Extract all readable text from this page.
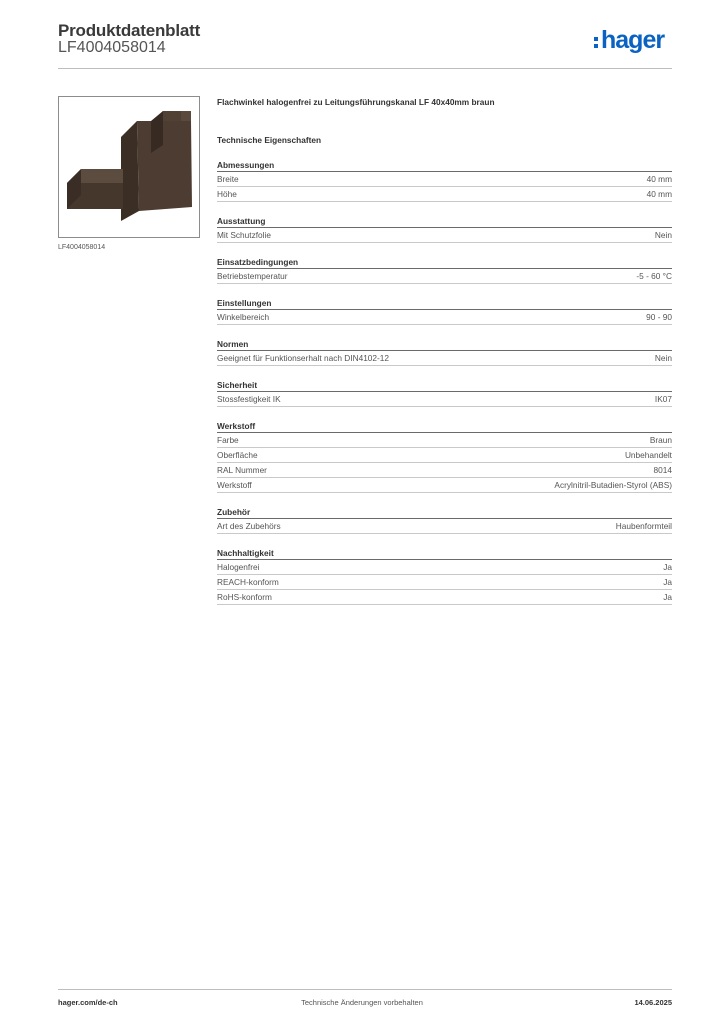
Produktdatenblatt
LF4004058014	hager
LF4004058014
Flachwinkel halogenfrei zu Leitungsführungskanal LF 40x40mm braun
Technische Eigenschaften
Abmessungen
Breite	40 mm
Höhe	40 mm
Ausstattung
Mit Schutzfolie	Nein
Einsatzbedingungen
Betriebstemperatur	-5 - 60 °C
Einstellungen
Winkelbereich	90 - 90
Normen
Geeignet für Funktionserhalt nach DIN4102-12	Nein
Sicherheit
Stossfestigkeit IK	IK07
Werkstoff
Farbe	Braun
Oberfläche	Unbehandelt
RAL Nummer	8014
Werkstoff	Acrylnitril-Butadien-Styrol (ABS)
Zubehör
Art des Zubehörs	Haubenformteil
Nachhaltigkeit
Halogenfrei	Ja
REACH-konform	Ja
RoHS-konform	Ja
hager.com/de-ch	Technische Änderungen vorbehalten	14.06.2025
